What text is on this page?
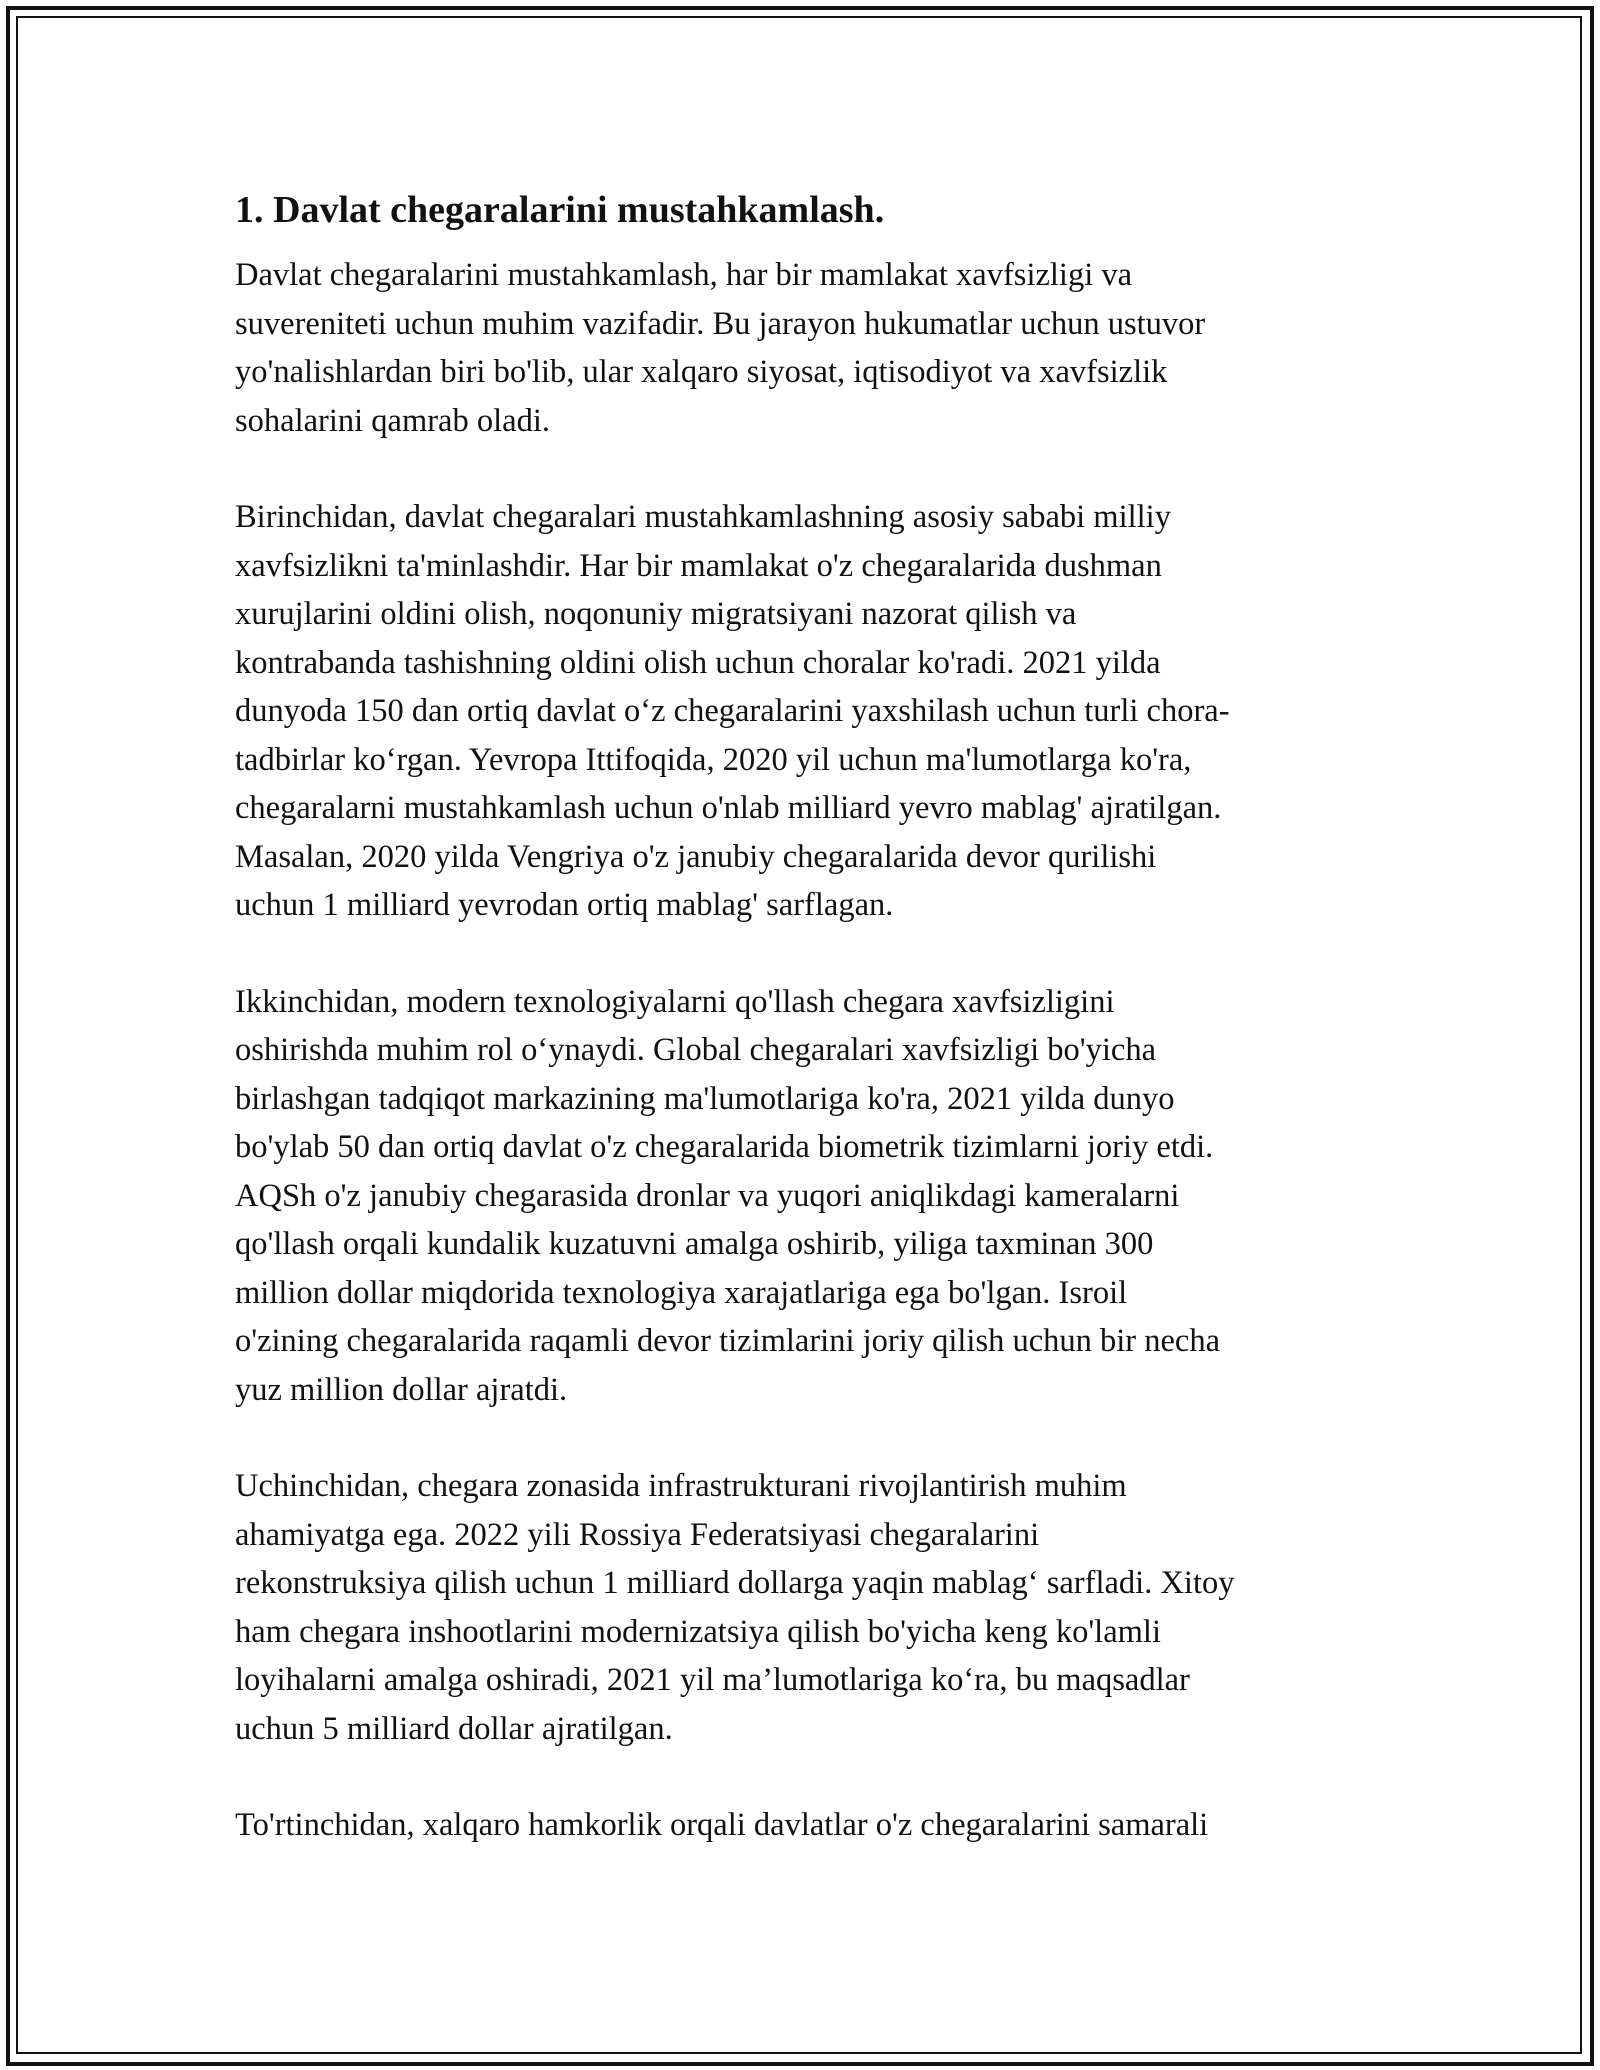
1. Davlat chegaralarini mustahkamlash.
Davlat chegaralarini mustahkamlash, har bir mamlakat xavfsizligi va
suvereniteti uchun muhim vazifadir. Bu jarayon hukumatlar uchun ustuvor
yo'nalishlardan biri bo'lib, ular xalqaro siyosat, iqtisodiyot va xavfsizlik
sohalarini qamrab oladi.
Birinchidan, davlat chegaralari mustahkamlashning asosiy sababi milliy
xavfsizlikni ta'minlashdir. Har bir mamlakat o'z chegaralarida dushman
xurujlarini oldini olish, noqonuniy migratsiyani nazorat qilish va
kontrabanda tashishning oldini olish uchun choralar ko'radi. 2021 yilda
dunyoda 150 dan ortiq davlat o‘z chegaralarini yaxshilash uchun turli chora-
tadbirlar ko‘rgan. Yevropa Ittifoqida, 2020 yil uchun ma'lumotlarga ko'ra,
chegaralarni mustahkamlash uchun o'nlab milliard yevro mablag' ajratilgan.
Masalan, 2020 yilda Vengriya o'z janubiy chegaralarida devor qurilishi
uchun 1 milliard yevrodan ortiq mablag' sarflagan.
Ikkinchidan, modern texnologiyalarni qo'llash chegara xavfsizligini
oshirishda muhim rol o‘ynaydi. Global chegaralari xavfsizligi bo'yicha
birlashgan tadqiqot markazining ma'lumotlariga ko'ra, 2021 yilda dunyo
bo'ylab 50 dan ortiq davlat o'z chegaralarida biometrik tizimlarni joriy etdi.
AQSh o'z janubiy chegarasida dronlar va yuqori aniqlikdagi kameralarni
qo'llash orqali kundalik kuzatuvni amalga oshirib, yiliga taxminan 300
million dollar miqdorida texnologiya xarajatlariga ega bo'lgan. Isroil
o'zining chegaralarida raqamli devor tizimlarini joriy qilish uchun bir necha
yuz million dollar ajratdi.
Uchinchidan, chegara zonasida infrastrukturani rivojlantirish muhim
ahamiyatga ega. 2022 yili Rossiya Federatsiyasi chegaralarini
rekonstruksiya qilish uchun 1 milliard dollarga yaqin mablag‘ sarfladi. Xitoy
ham chegara inshootlarini modernizatsiya qilish bo'yicha keng ko'lamli
loyihalarni amalga oshiradi, 2021 yil ma’lumotlariga ko‘ra, bu maqsadlar
uchun 5 milliard dollar ajratilgan.
To'rtinchidan, xalqaro hamkorlik orqali davlatlar o'z chegaralarini samarali
